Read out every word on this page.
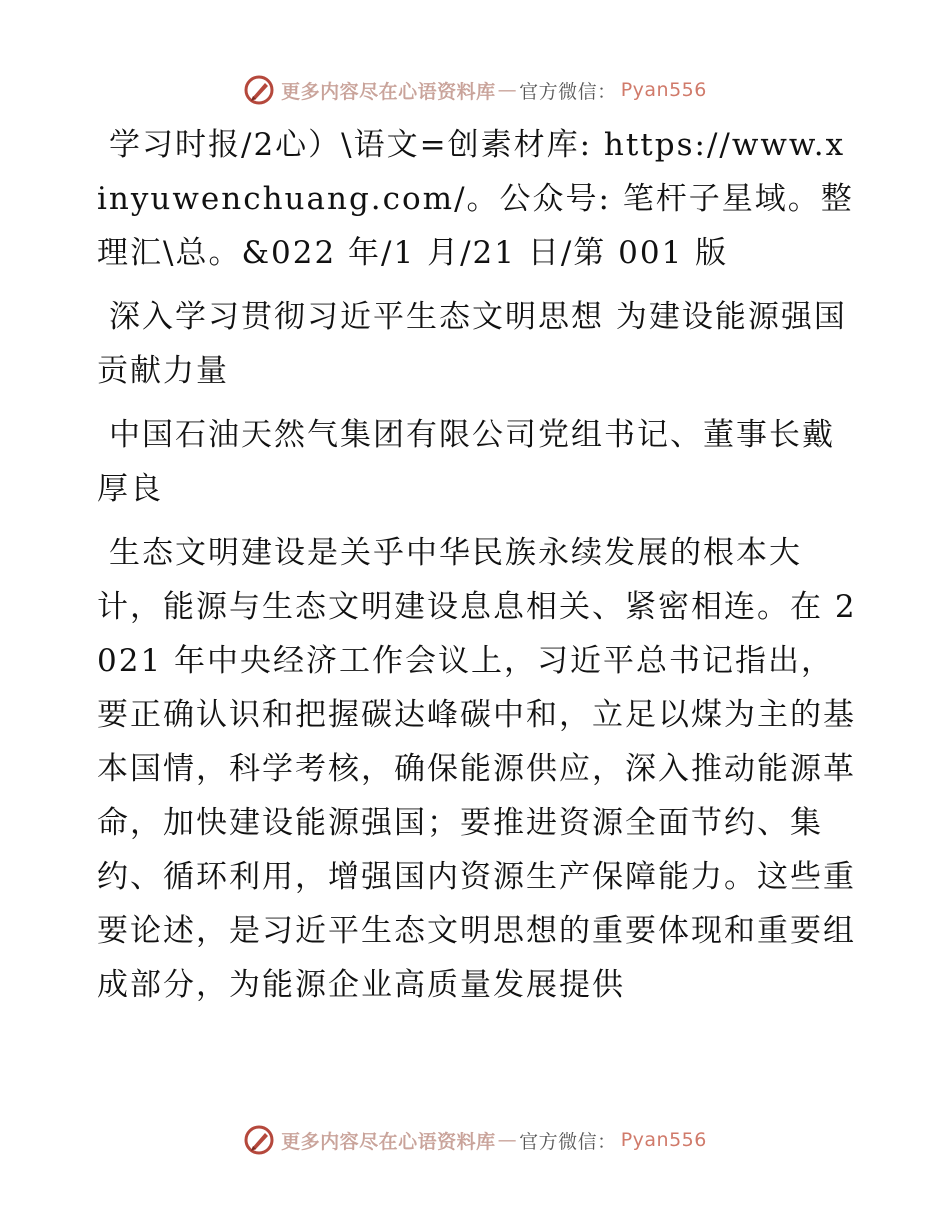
更多内容尽在心语资料库 — 官方微信： Pyan556

学习时报/2心）\语文=创素材库: https://www.xinyuwenchuang.com/。公众号: 笔杆子星域。整理汇\总。&022 年/1 月/21 日/第 001 版

深入学习贯彻习近平生态文明思想 为建设能源强国贡献力量

中国石油天然气集团有限公司党组书记、董事长戴厚良

生态文明建设是关乎中华民族永续发展的根本大计，能源与生态文明建设息息相关、紧密相连。在 2021 年中央经济工作会议上，习近平总书记指出，要正确认识和把握碳达峰碳中和，立足以煤为主的基本国情，科学考核，确保能源供应，深入推动能源革命，加快建设能源强国；要推进资源全面节约、集约、循环利用，增强国内资源生产保障能力。这些重要论述，是习近平生态文明思想的重要体现和重要组成部分，为能源企业高质量发展提供

更多内容尽在心语资料库 — 官方微信： Pyan556
